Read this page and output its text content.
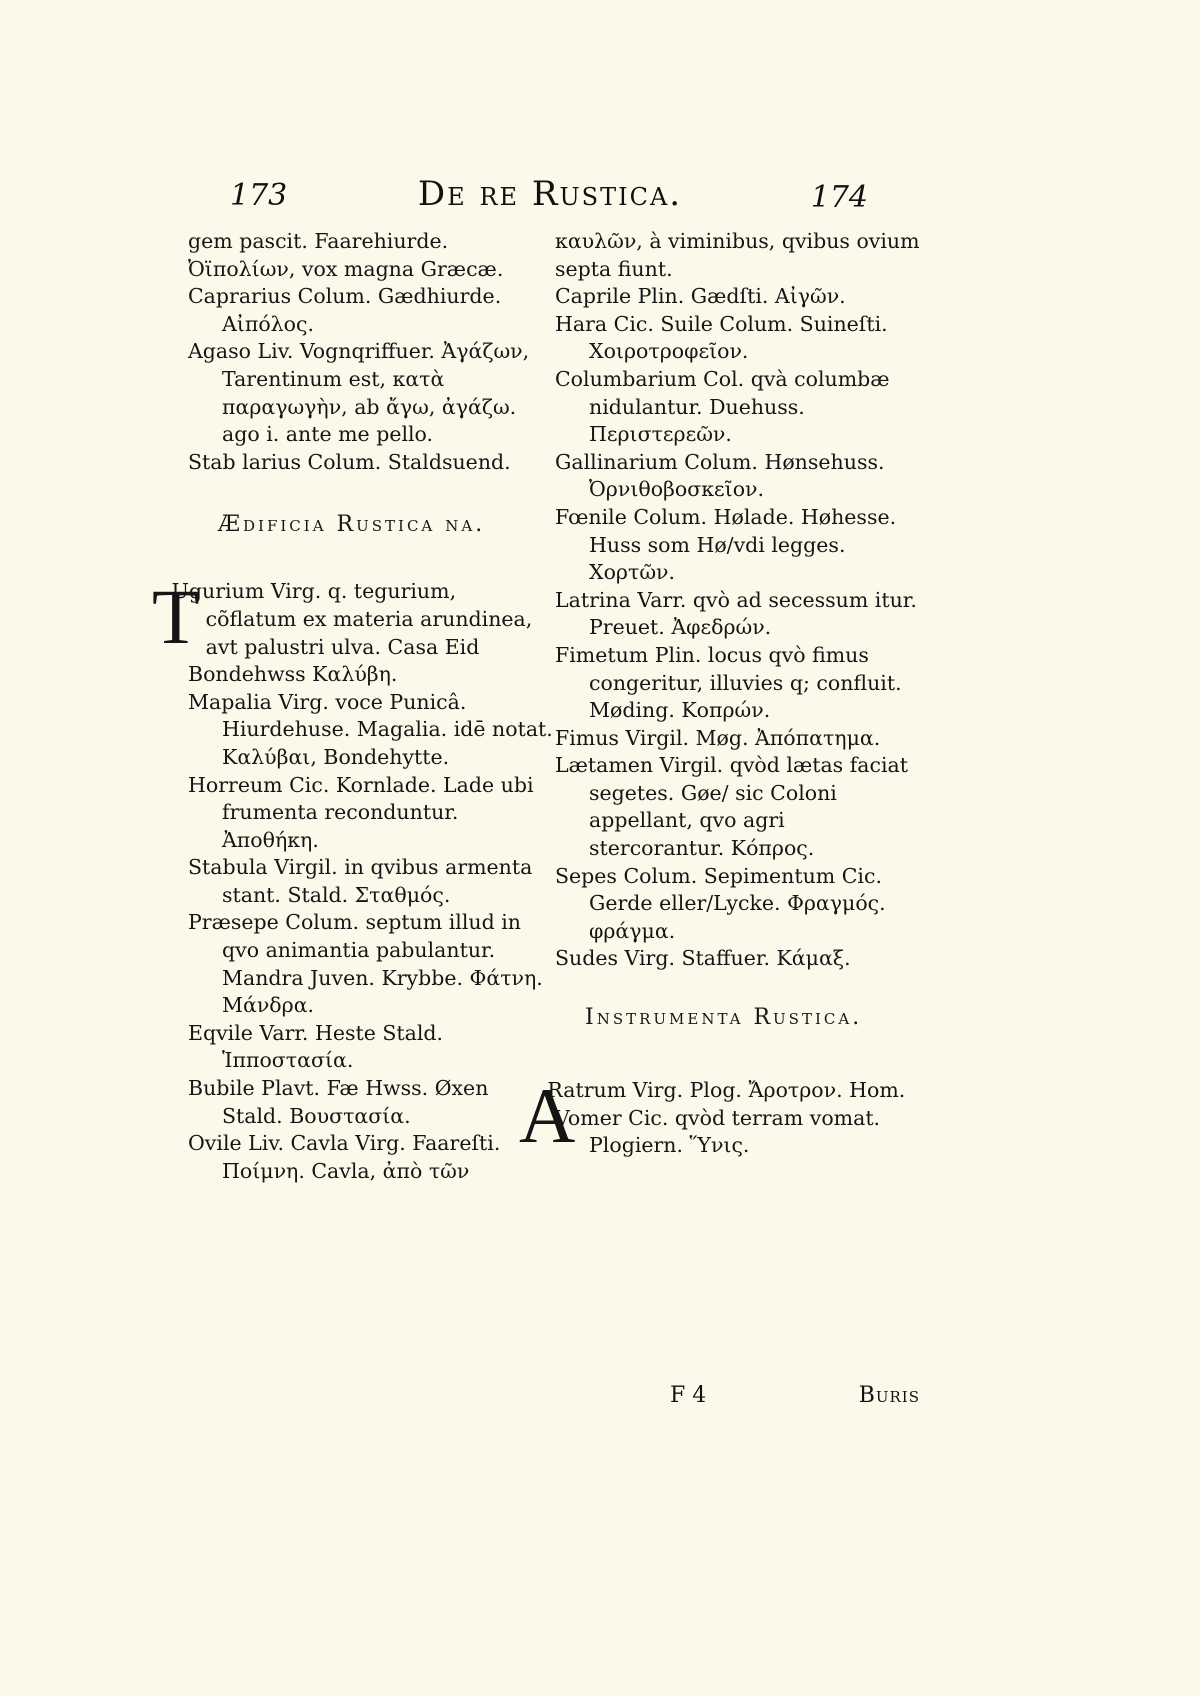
173	De re Rustica.	174

gem pascit. Faarehiurde. Ὀϊπολίων, vox magna Græcæ.

Caprarius Colum. Gædhiurde. Αἰπόλος.

Agaso Liv. Vognqriffuer. Ἀγάζων, Tarentinum est, κατὰ παραγωγὴν, ab ἄγω, ἀγάζω. ago i. ante me pello.

Stab larius Colum. Staldsuend.

Ædificia Rustica na.

T
Ugurium Virg. q. tegurium, cõflatum ex materia arundinea, avt palustri ulva. Casa Eid Bondehwss Καλύβη.

Mapalia Virg. voce Punicâ. Hiurdehuse. Magalia. idē notat. Καλύβαι, Bondehytte.

Horreum Cic. Kornlade. Lade ubi frumenta reconduntur. Ἀποθήκη.

Stabula Virgil. in qvibus armenta stant. Stald. Σταθμός.

Præsepe Colum. septum illud in qvo animantia pabulantur. Mandra Juven. Krybbe. Φάτνη. Μάνδρα.

Eqvile Varr. Heste Stald. Ἱπποστασία.

Bubile Plavt. Fæ Hwss. Øxen Stald. Βουστασία.

Ovile Liv. Cavla Virg. Faareſti. Ποίμνη. Cavla, ἀπὸ τῶν

καυλῶν, à viminibus, qvibus ovium septa fiunt.

Caprile Plin. Gædſti. Αἰγῶν.

Hara Cic. Suile Colum. Suineſti. Χοιροτροφεῖον.

Columbarium Col. qvà columbæ nidulantur. Duehuss. Περιστερεῶν.

Gallinarium Colum. Hønsehuss. Ὀρνιθοβοσκεῖον.

Fœnile Colum. Hølade. Høhesse. Huss som Hø/vdi legges. Χορτῶν.

Latrina Varr. qvò ad secessum itur. Preuet. Ἀφεδρών.

Fimetum Plin. locus qvò fimus congeritur, illuvies q; confluit. Møding. Κοπρών.

Fimus Virgil. Møg. Ἀπόπατημα.

Lætamen Virgil. qvòd lætas faciat segetes. Gøe/ sic Coloni appellant, qvo agri stercorantur. Κόπρος.

Sepes Colum. Sepimentum Cic. Gerde eller/Lycke. Φραγμός. φράγμα.

Sudes Virg. Staffuer. Κάμαξ.

Instrumenta Rustica.

A
Ratrum Virg. Plog. Ἄροτρον. Hom.

Vomer Cic. qvòd terram vomat. Plogiern. Ὕνις.

F 4	Buris
